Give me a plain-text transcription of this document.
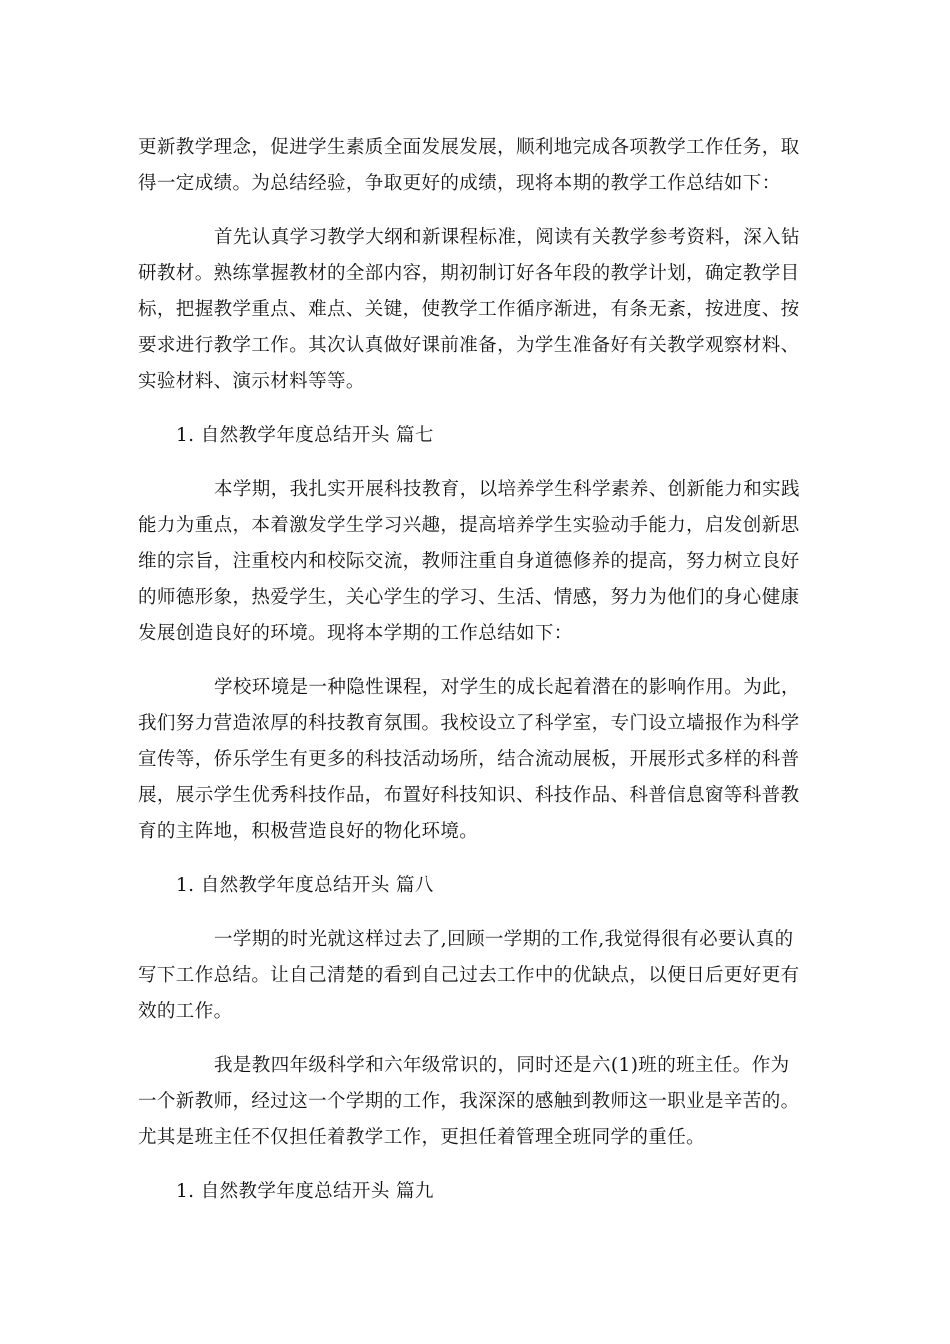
更新教学理念，促进学生素质全面发展发展，顺利地完成各项教学工作任务，取
得一定成绩。为总结经验，争取更好的成绩，现将本期的教学工作总结如下：
首先认真学习教学大纲和新课程标准，阅读有关教学参考资料，深入钻
研教材。熟练掌握教材的全部内容，期初制订好各年段的教学计划，确定教学目
标，把握教学重点、难点、关键，使教学工作循序渐进，有条无紊，按进度、按
要求进行教学工作。其次认真做好课前准备，为学生准备好有关教学观察材料、
实验材料、演示材料等等。
1. 自然教学年度总结开头 篇七
本学期，我扎实开展科技教育，以培养学生科学素养、创新能力和实践
能力为重点，本着激发学生学习兴趣，提高培养学生实验动手能力，启发创新思
维的宗旨，注重校内和校际交流，教师注重自身道德修养的提高，努力树立良好
的师德形象，热爱学生，关心学生的学习、生活、情感，努力为他们的身心健康
发展创造良好的环境。现将本学期的工作总结如下：
学校环境是一种隐性课程，对学生的成长起着潜在的影响作用。为此，
我们努力营造浓厚的科技教育氛围。我校设立了科学室，专门设立墙报作为科学
宣传等，侨乐学生有更多的科技活动场所，结合流动展板，开展形式多样的科普
展，展示学生优秀科技作品，布置好科技知识、科技作品、科普信息窗等科普教
育的主阵地，积极营造良好的物化环境。
1. 自然教学年度总结开头 篇八
一学期的时光就这样过去了,回顾一学期的工作,我觉得很有必要认真的
写下工作总结。让自己清楚的看到自己过去工作中的优缺点，以便日后更好更有
效的工作。
我是教四年级科学和六年级常识的，同时还是六(1)班的班主任。作为
一个新教师，经过这一个学期的工作，我深深的感触到教师这一职业是辛苦的。
尤其是班主任不仅担任着教学工作，更担任着管理全班同学的重任。
1. 自然教学年度总结开头 篇九
